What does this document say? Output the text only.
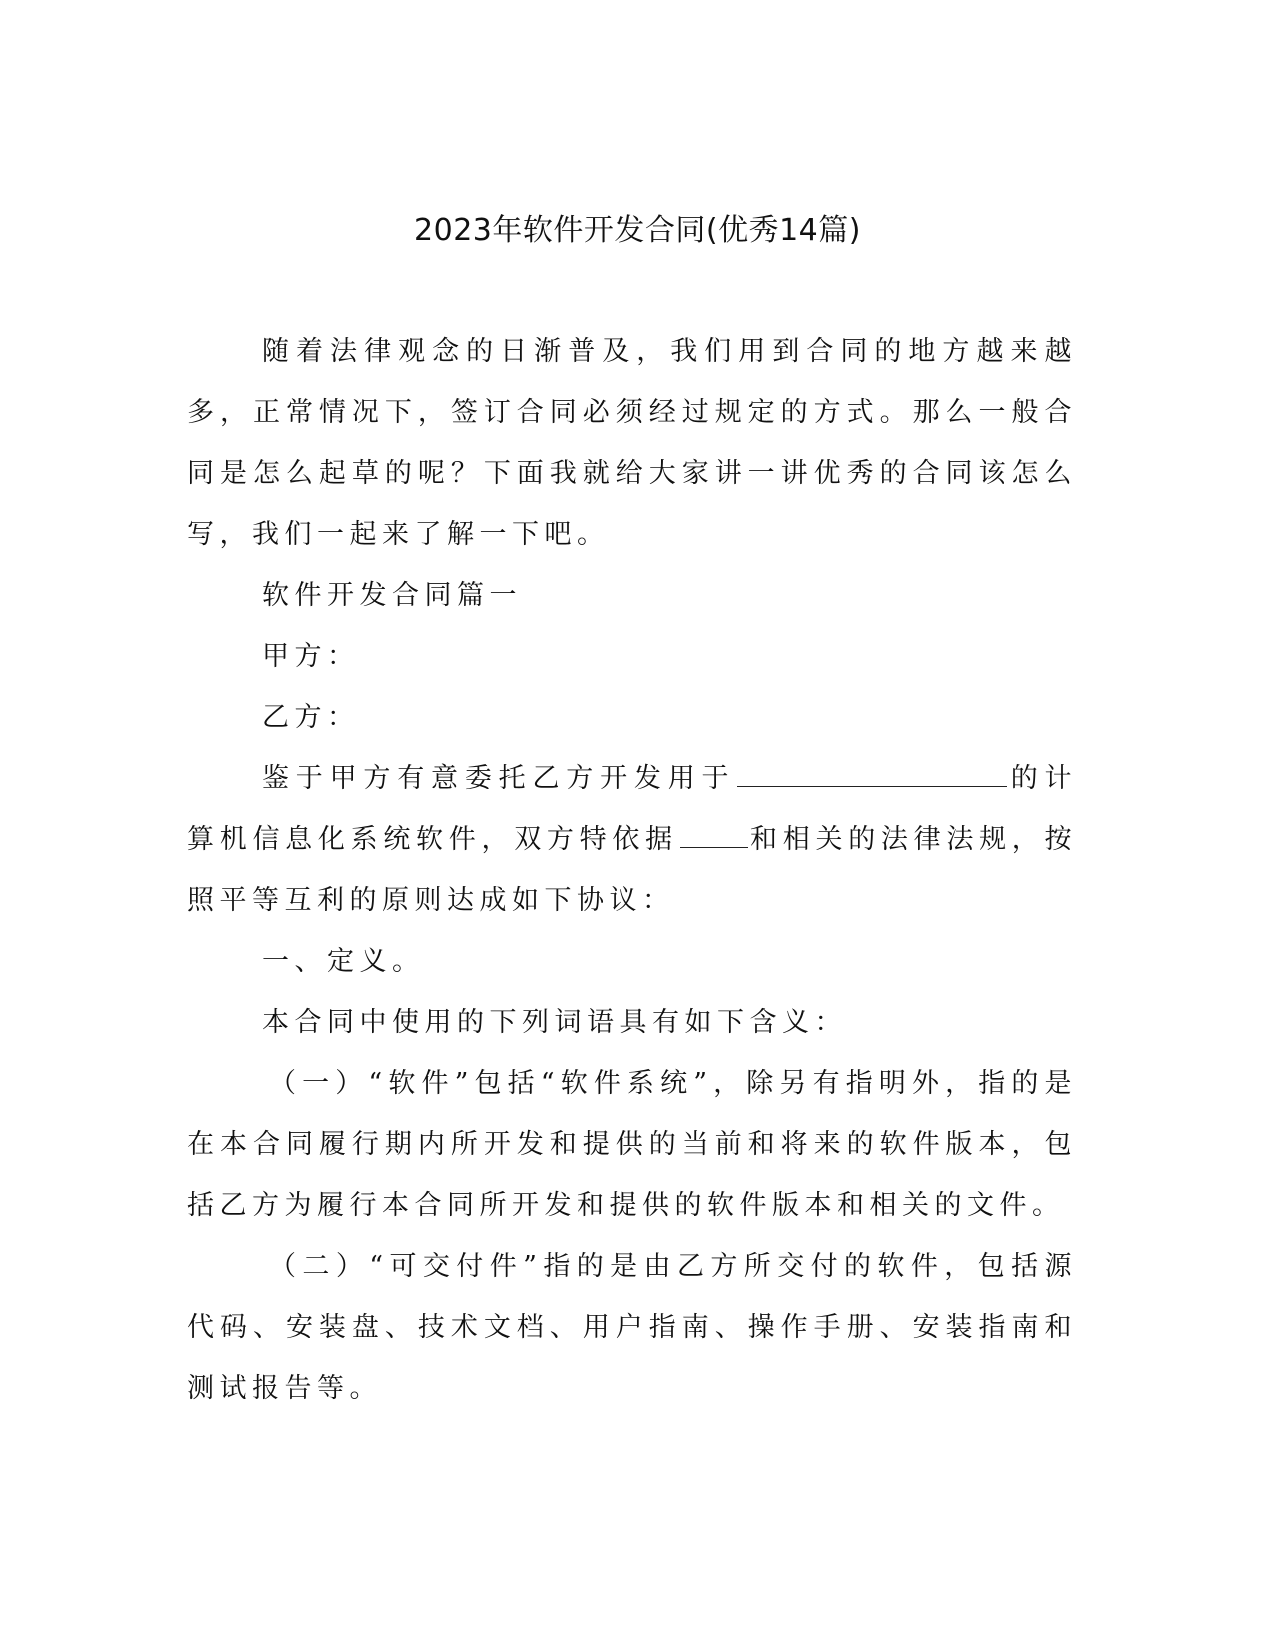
2023年软件开发合同(优秀14篇)

随着法律观念的日渐普及，我们用到合同的地方越来越多，正常情况下，签订合同必须经过规定的方式。那么一般合同是怎么起草的呢？下面我就给大家讲一讲优秀的合同该怎么写，我们一起来了解一下吧。

软件开发合同篇一

甲方：

乙方：

鉴于甲方有意委托乙方开发用于	的计算机信息化系统软件，双方特依据	和相关的法律法规，按照平等互利的原则达成如下协议：

一、定义。

本合同中使用的下列词语具有如下含义：

（一）“软件”包括“软件系统”，除另有指明外，指的是在本合同履行期内所开发和提供的当前和将来的软件版本，包括乙方为履行本合同所开发和提供的软件版本和相关的文件。

（二）“可交付件”指的是由乙方所交付的软件，包括源代码、安装盘、技术文档、用户指南、操作手册、安装指南和测试报告等。
